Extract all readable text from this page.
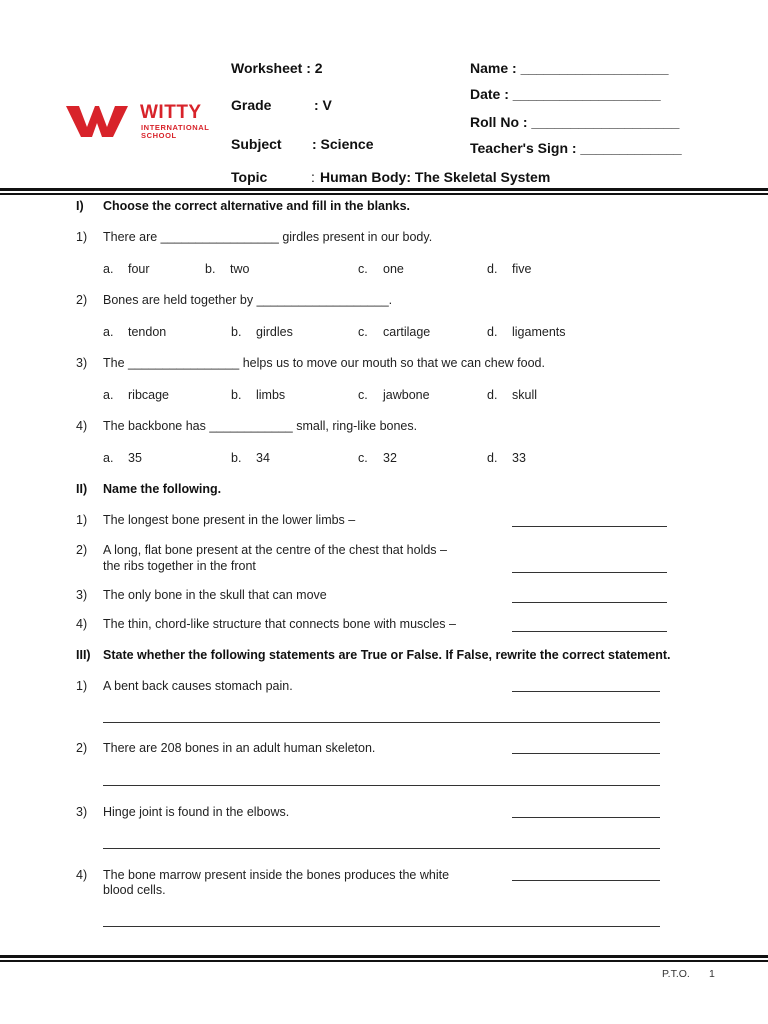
Worksheet : 2
Grade	: V
Subject : Science
Topic	: Human Body: The Skeletal System
Name : ___________________
Date : ___________________
Roll No : ___________________
Teacher's Sign : _____________
WITTY
INTERNATIONAL
SCHOOL
I) Choose the correct alternative and fill in the blanks.
1) There are _________________ girdles present in our body.
a. four	b. two	c. one	d. five
2) Bones are held together by ___________________.
a. tendon	b. girdles	c. cartilage	d. ligaments
3) The ________________ helps us to move our mouth so that we can chew food.
a. ribcage	b. limbs	c. jawbone	d. skull
4) The backbone has ____________ small, ring-like bones.
a. 35	b. 34	c. 32	d. 33
II) Name the following.
1) The longest bone present in the lower limbs –
2) A long, flat bone present at the centre of the chest that holds –
the ribs together in the front
3) The only bone in the skull that can move
4) The thin, chord-like structure that connects bone with muscles –
III) State whether the following statements are True or False. If False, rewrite the correct statement.
1) A bent back causes stomach pain.
2) There are 208 bones in an adult human skeleton.
3) Hinge joint is found in the elbows.
4) The bone marrow present inside the bones produces the white
blood cells.
P.T.O. 1
